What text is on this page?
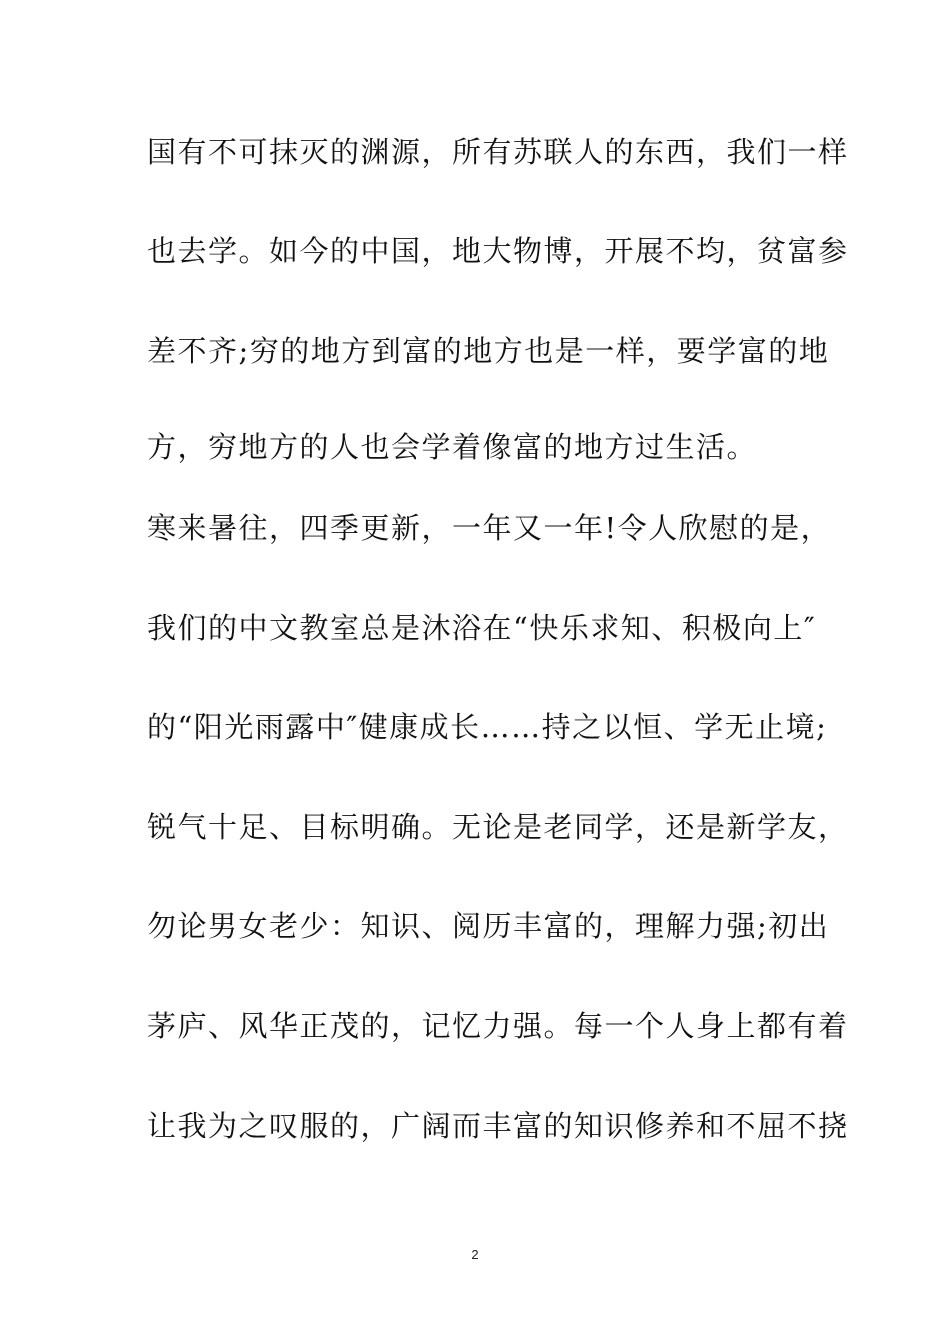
国有不可抹灭的渊源，所有苏联人的东西，我们一样
也去学。如今的中国，地大物博，开展不均，贫富参
差不齐;穷的地方到富的地方也是一样，要学富的地
方，穷地方的人也会学着像富的地方过生活。
寒来暑往，四季更新，一年又一年!令人欣慰的是，
我们的中文教室总是沐浴在“快乐求知、积极向上″
的“阳光雨露中″健康成长……持之以恒、学无止境;
锐气十足、目标明确。无论是老同学，还是新学友，
勿论男女老少：知识、阅历丰富的，理解力强;初出
茅庐、风华正茂的，记忆力强。每一个人身上都有着
让我为之叹服的，广阔而丰富的知识修养和不屈不挠
2
